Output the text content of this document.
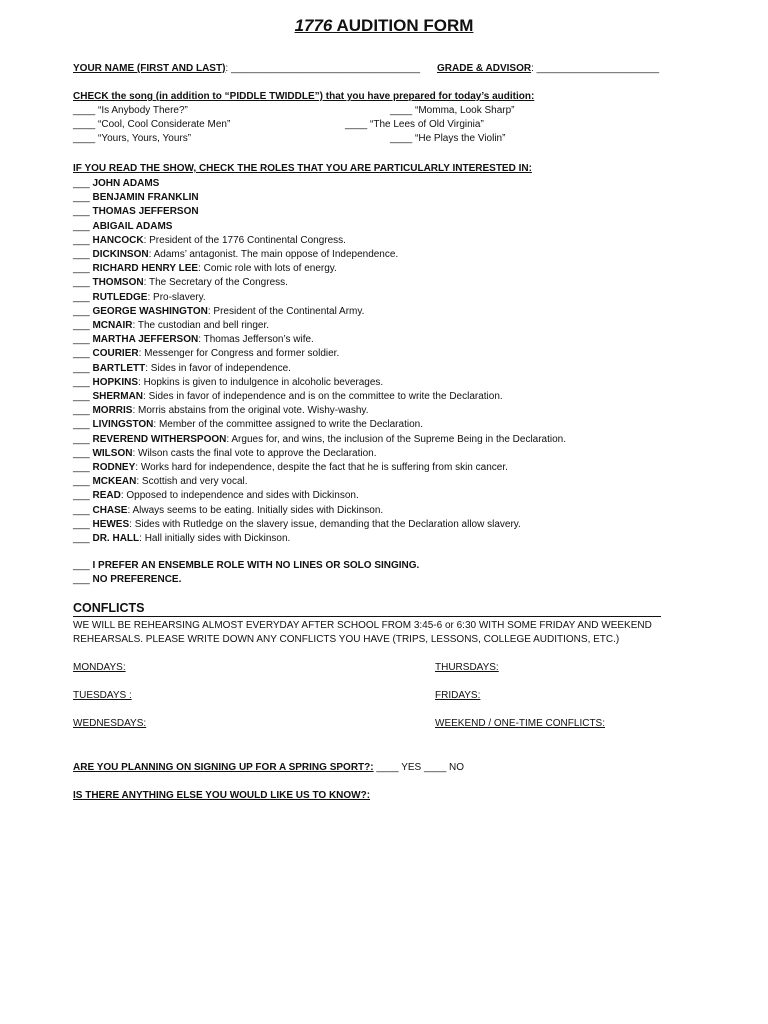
1776 AUDITION FORM
YOUR NAME (FIRST AND LAST): __________________________________ GRADE & ADVISOR: ______________________
CHECK the song (in addition to “PIDDLE TWIDDLE”) that you have prepared for today’s audition:
____ “Is Anybody There?”
____ “Cool, Cool Considerate Men”
____ “Yours, Yours, Yours”
____ “Momma, Look Sharp”
____ “The Lees of Old Virginia”
____ “He Plays the Violin”
IF YOU READ THE SHOW, CHECK THE ROLES THAT YOU ARE PARTICULARLY INTERESTED IN:
___ JOHN ADAMS
___ BENJAMIN FRANKLIN
___ THOMAS JEFFERSON
___ ABIGAIL ADAMS
___ HANCOCK: President of the 1776 Continental Congress.
___ DICKINSON: Adams’ antagonist. The main oppose of Independence.
___ RICHARD HENRY LEE: Comic role with lots of energy.
___ THOMSON: The Secretary of the Congress.
___ RUTLEDGE: Pro-slavery.
___ GEORGE WASHINGTON: President of the Continental Army.
___ MCNAIR: The custodian and bell ringer.
___ MARTHA JEFFERSON: Thomas Jefferson’s wife.
___ COURIER: Messenger for Congress and former soldier.
___ BARTLETT: Sides in favor of independence.
___ HOPKINS: Hopkins is given to indulgence in alcoholic beverages.
___ SHERMAN: Sides in favor of independence and is on the committee to write the Declaration.
___ MORRIS: Morris abstains from the original vote. Wishy-washy.
___ LIVINGSTON: Member of the committee assigned to write the Declaration.
___ REVEREND WITHERSPOON: Argues for, and wins, the inclusion of the Supreme Being in the Declaration.
___ WILSON: Wilson casts the final vote to approve the Declaration.
___ RODNEY: Works hard for independence, despite the fact that he is suffering from skin cancer.
___ MCKEAN: Scottish and very vocal.
___ READ: Opposed to independence and sides with Dickinson.
___ CHASE: Always seems to be eating. Initially sides with Dickinson.
___ HEWES: Sides with Rutledge on the slavery issue, demanding that the Declaration allow slavery.
___ DR. HALL: Hall initially sides with Dickinson.
___ I PREFER AN ENSEMBLE ROLE WITH NO LINES OR SOLO SINGING.
___ NO PREFERENCE.
CONFLICTS
WE WILL BE REHEARSING ALMOST EVERYDAY AFTER SCHOOL FROM 3:45-6 or 6:30 WITH SOME FRIDAY AND WEEKEND REHEARSALS. PLEASE WRITE DOWN ANY CONFLICTS YOU HAVE (TRIPS, LESSONS, COLLEGE AUDITIONS, ETC.)
MONDAYS:
TUESDAYS :
WEDNESDAYS:
THURSDAYS:
FRIDAYS:
WEEKEND / ONE-TIME CONFLICTS:
ARE YOU PLANNING ON SIGNING UP FOR A SPRING SPORT?: ____ YES ____ NO
IS THERE ANYTHING ELSE YOU WOULD LIKE US TO KNOW?:
